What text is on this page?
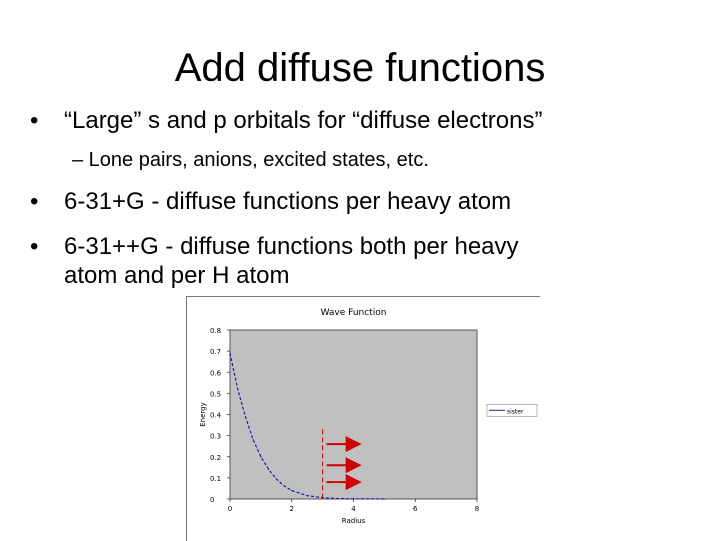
Add diffuse functions
• “Large” s and p orbitals for “diffuse electrons”
– Lone pairs, anions, excited states, etc.
• 6-31+G - diffuse functions per heavy atom
• 6-31++G - diffuse functions both per heavy
atom and per H atom
Wave Function
0
0.1
0.2
0.3
0.4
0.5
0.6
0.7
0.8
0	2	4	6	8
Radius
Energy	sister
